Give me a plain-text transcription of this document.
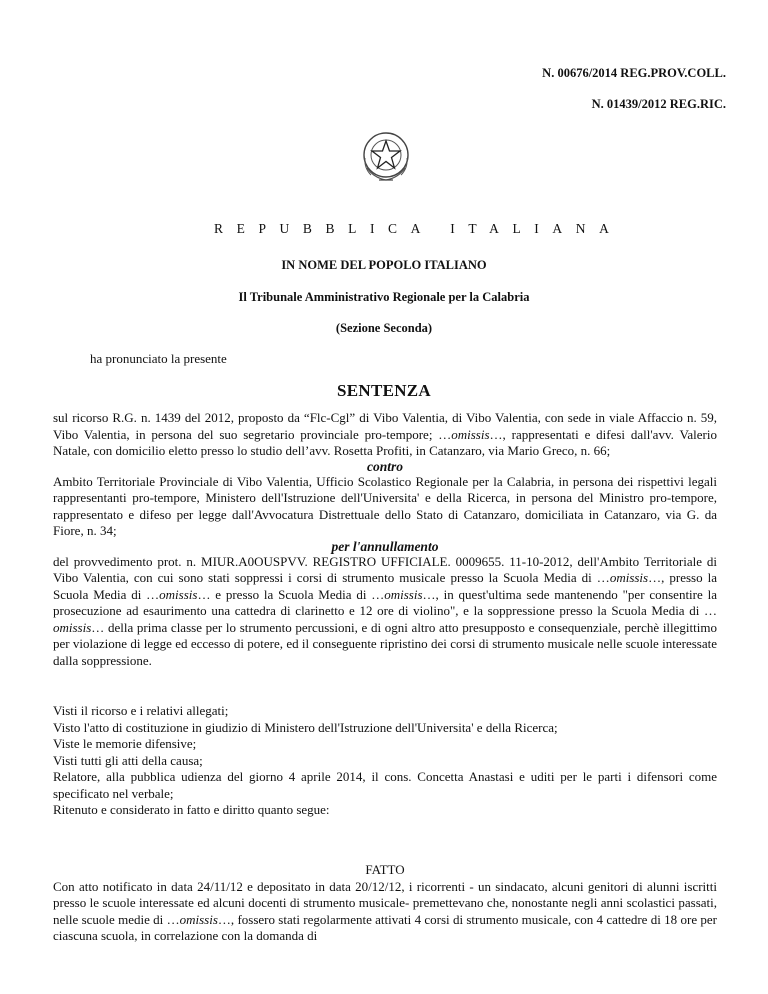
N. 00676/2014 REG.PROV.COLL.
N. 01439/2012 REG.RIC.
REPUBBLICA ITALIANA
IN NOME DEL POPOLO ITALIANO
Il Tribunale Amministrativo Regionale per la Calabria
(Sezione Seconda)
ha pronunciato la presente
SENTENZA

sul ricorso R.G. n. 1439 del 2012, proposto da “Flc-Cgl” di Vibo Valentia, di Vibo Valentia, con sede in viale Affaccio n. 59, Vibo Valentia, in persona del suo segretario provinciale pro-tempore; …omissis…, rappresentati e difesi dall'avv. Valerio Natale, con domicilio eletto presso lo studio dell’avv. Rosetta Profiti, in Catanzaro, via Mario Greco, n. 66;

contro

Ambito Territoriale Provinciale di Vibo Valentia, Ufficio Scolastico Regionale per la Calabria, in persona dei rispettivi legali rappresentanti pro-tempore, Ministero dell'Istruzione dell'Universita' e della Ricerca, in persona del Ministro pro-tempore, rappresentato e difeso per legge dall'Avvocatura Distrettuale dello Stato di Catanzaro, domiciliata in Catanzaro, via G. da Fiore, n. 34;

per l'annullamento

del provvedimento prot. n. MIUR.A0OUSPVV. REGISTRO UFFICIALE. 0009655. 11-10-2012, dell'Ambito Territoriale di Vibo Valentia, con cui sono stati soppressi i corsi di strumento musicale presso la Scuola Media di …omissis…, presso la Scuola Media di …omissis… e presso la Scuola Media di …omissis…, in quest'ultima sede mantenendo "per consentire la prosecuzione ad esaurimento una cattedra di clarinetto e 12 ore di violino", e la soppressione presso la Scuola Media di …omissis… della prima classe per lo strumento percussioni, e di ogni altro atto presupposto e consequenziale, perchè illegittimo per violazione di legge ed eccesso di potere, ed il conseguente ripristino dei corsi di strumento musicale nelle scuole interessate dalla soppressione.

Visti il ricorso e i relativi allegati;

Visto l'atto di costituzione in giudizio di Ministero dell'Istruzione dell'Universita' e della Ricerca;

Viste le memorie difensive;

Visti tutti gli atti della causa;

Relatore, alla pubblica udienza del giorno 4 aprile 2014, il cons. Concetta Anastasi e uditi per le parti i difensori come specificato nel verbale;

Ritenuto e considerato in fatto e diritto quanto segue:

FATTO

Con atto notificato in data 24/11/12 e depositato in data 20/12/12, i ricorrenti - un sindacato, alcuni genitori di alunni iscritti presso le scuole interessate ed alcuni docenti di strumento musicale- premettevano che, nonostante negli anni scolastici passati, nelle scuole medie di …omissis…, fossero stati regolarmente attivati 4 corsi di strumento musicale, con 4 cattedre di 18 ore per ciascuna scuola, in correlazione con la domanda di
